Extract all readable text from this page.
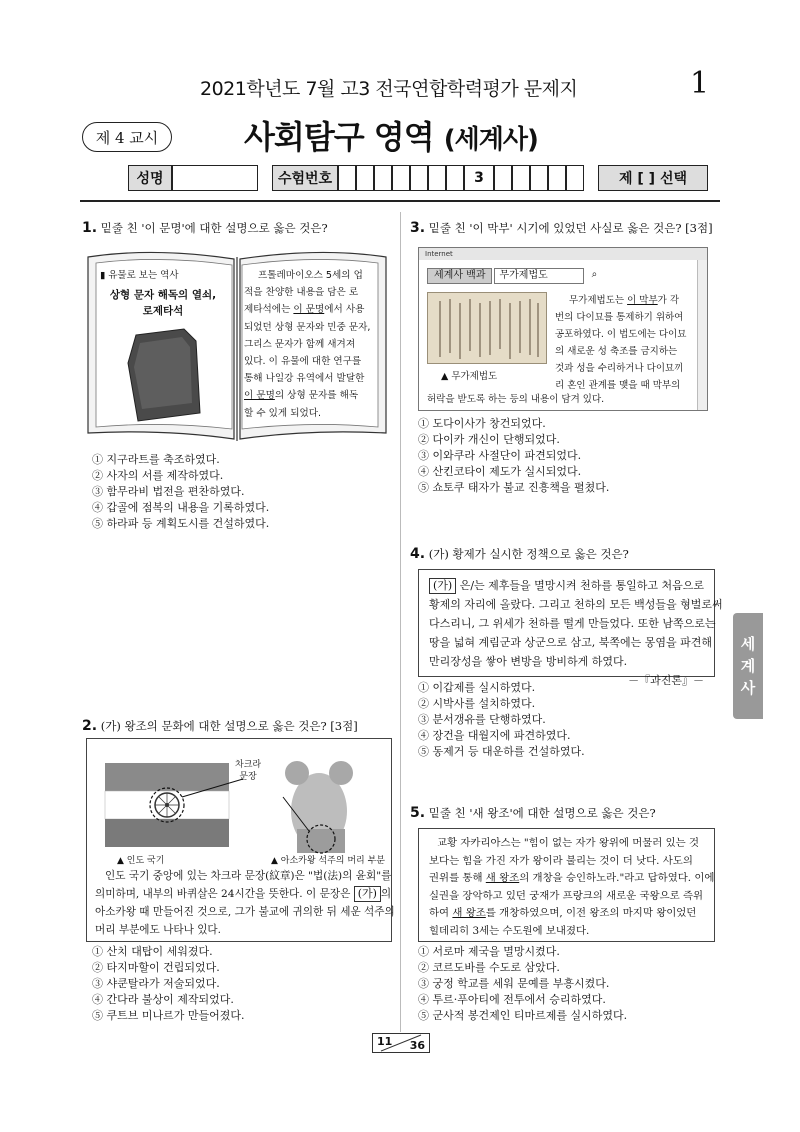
2021학년도 7월 고3 전국연합학력평가 문제지	1
제 4 교시	사회탐구 영역 (세계사)
성명	수험번호	3	제 [ ] 선택
1. 밑줄 친 '이 문명'에 대한 설명으로 옳은 것은?
▮ 유물로 보는 역사
상형 문자 해독의 열쇠,
로제타석
프톨레마이오스 5세의 업
적을 찬양한 내용을 담은 로
제타석에는 이 문명에서 사용
되었던 상형 문자와 민중 문자,
그리스 문자가 함께 새겨져
있다. 이 유물에 대한 연구를
통해 나일강 유역에서 발달한
이 문명의 상형 문자를 해독
할 수 있게 되었다.
① 지구라트를 축조하였다.
② 사자의 서를 제작하였다.
③ 함무라비 법전을 편찬하였다.
④ 갑골에 점복의 내용을 기록하였다.
⑤ 하라파 등 계획도시를 건설하였다.
2. (가) 왕조의 문화에 대한 설명으로 옳은 것은? [3점]
차크라
문장
▲ 인도 국기	▲ 아소카왕 석주의 머리 부분
인도 국기 중앙에 있는 차크라 문장(紋章)은 "법(法)의 윤회"를
의미하며, 내부의 바퀴살은 24시간을 뜻한다. 이 문장은 (가) 의
아소카왕 때 만들어진 것으로, 그가 불교에 귀의한 뒤 세운 석주의
머리 부분에도 나타나 있다.
① 산치 대탑이 세워졌다.
② 타지마할이 건립되었다.
③ 샤쿤탈라가 저술되었다.
④ 간다라 불상이 제작되었다.
⑤ 쿠트브 미나르가 만들어졌다.
3. 밑줄 친 '이 막부' 시기에 있었던 사실로 옳은 것은? [3점]
Internet
세계사 백과	무가제법도	⌕
▲ 무가제법도
무가제법도는 이 막부가 각
번의 다이묘를 통제하기 위하여
공포하였다. 이 법도에는 다이묘
의 새로운 성 축조를 금지하는
것과 성을 수리하거나 다이묘끼
리 혼인 관계를 맺을 때 막부의
허락을 받도록 하는 등의 내용이 담겨 있다.
① 도다이사가 창건되었다.
② 다이카 개신이 단행되었다.
③ 이와쿠라 사절단이 파견되었다.
④ 산킨코타이 제도가 실시되었다.
⑤ 쇼토쿠 태자가 불교 진흥책을 펼쳤다.
4. (가) 황제가 실시한 정책으로 옳은 것은?
(가) 은/는 제후들을 멸망시켜 천하를 통일하고 처음으로
황제의 자리에 올랐다. 그리고 천하의 모든 백성들을 형벌로써
다스리니, 그 위세가 천하를 떨게 만들었다. 또한 남쪽으로는
땅을 넓혀 계림군과 상군으로 삼고, 북쪽에는 몽염을 파견해
만리장성을 쌓아 변방을 방비하게 하였다.
－『과진론』－
① 이갑제를 실시하였다.
② 시박사를 설치하였다.
③ 분서갱유를 단행하였다.
④ 장건을 대월지에 파견하였다.
⑤ 동제거 등 대운하를 건설하였다.
5. 밑줄 친 '새 왕조'에 대한 설명으로 옳은 것은?
교황 자카리아스는 "힘이 없는 자가 왕위에 머물러 있는 것
보다는 힘을 가진 자가 왕이라 불리는 것이 더 낫다. 사도의
권위를 통해 새 왕조의 개창을 승인하노라."라고 답하였다. 이에
실권을 장악하고 있던 궁재가 프랑크의 새로운 국왕으로 즉위
하여 새 왕조를 개창하였으며, 이전 왕조의 마지막 왕이었던
힐데리히 3세는 수도원에 보내졌다.
① 서로마 제국을 멸망시켰다.
② 코르도바를 수도로 삼았다.
③ 궁정 학교를 세워 문예를 부흥시켰다.
④ 투르·푸아티에 전투에서 승리하였다.
⑤ 군사적 봉건제인 티마르제를 실시하였다.
세
계
사
11 36
